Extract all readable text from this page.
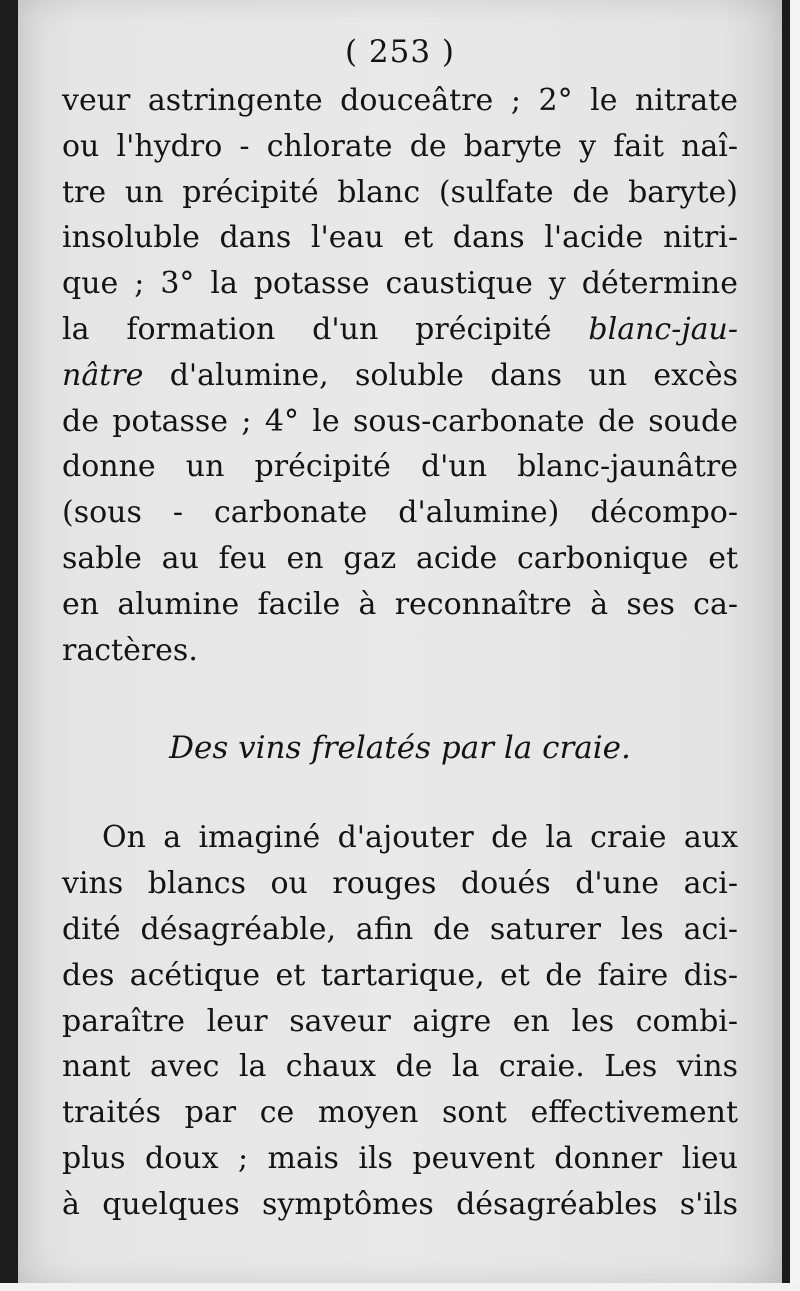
( 253 )
veur astringente douceâtre ; 2° le nitrate
ou l'hydro - chlorate de baryte y fait naî-
tre un précipité blanc (sulfate de baryte)
insoluble dans l'eau et dans l'acide nitri-
que ; 3° la potasse caustique y détermine
la formation d'un précipité blanc-jau-
nâtre d'alumine, soluble dans un excès
de potasse ; 4° le sous-carbonate de soude
donne un précipité d'un blanc-jaunâtre
(sous - carbonate d'alumine) décompo-
sable au feu en gaz acide carbonique et
en alumine facile à reconnaître à ses ca-
ractères.
Des vins frelatés par la craie.
On a imaginé d'ajouter de la craie aux
vins blancs ou rouges doués d'une aci-
dité désagréable, afin de saturer les aci-
des acétique et tartarique, et de faire dis-
paraître leur saveur aigre en les combi-
nant avec la chaux de la craie. Les vins
traités par ce moyen sont effectivement
plus doux ; mais ils peuvent donner lieu
à quelques symptômes désagréables s'ils
